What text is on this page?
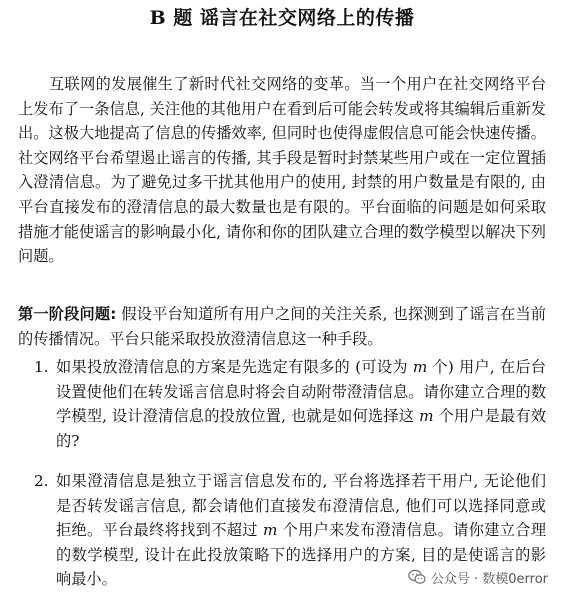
B 题 谣言在社交网络上的传播

互联网的发展催生了新时代社交网络的变革。当一个用户在社交网络平台上发布了一条信息, 关注他的其他用户在看到后可能会转发或将其编辑后重新发出。这极大地提高了信息的传播效率, 但同时也使得虚假信息可能会快速传播。社交网络平台希望遏止谣言的传播, 其手段是暂时封禁某些用户或在一定位置插入澄清信息。为了避免过多干扰其他用户的使用, 封禁的用户数量是有限的, 由平台直接发布的澄清信息的最大数量也是有限的。平台面临的问题是如何采取措施才能使谣言的影响最小化, 请你和你的团队建立合理的数学模型以解决下列问题。

第一阶段问题: 假设平台知道所有用户之间的关注关系, 也探测到了谣言在当前的传播情况。平台只能采取投放澄清信息这一种手段。

1. 如果投放澄清信息的方案是先选定有限多的 (可设为 m 个) 用户, 在后台设置使他们在转发谣言信息时将会自动附带澄清信息。请你建立合理的数学模型, 设计澄清信息的投放位置, 也就是如何选择这 m 个用户是最有效的?
2. 如果澄清信息是独立于谣言信息发布的, 平台将选择若干用户, 无论他们是否转发谣言信息, 都会请他们直接发布澄清信息, 他们可以选择同意或拒绝。平台最终将找到不超过 m 个用户来发布澄清信息。请你建立合理的数学模型, 设计在此投放策略下的选择用户的方案, 目的是使谣言的影响最小。	公众号 · 数模0error
